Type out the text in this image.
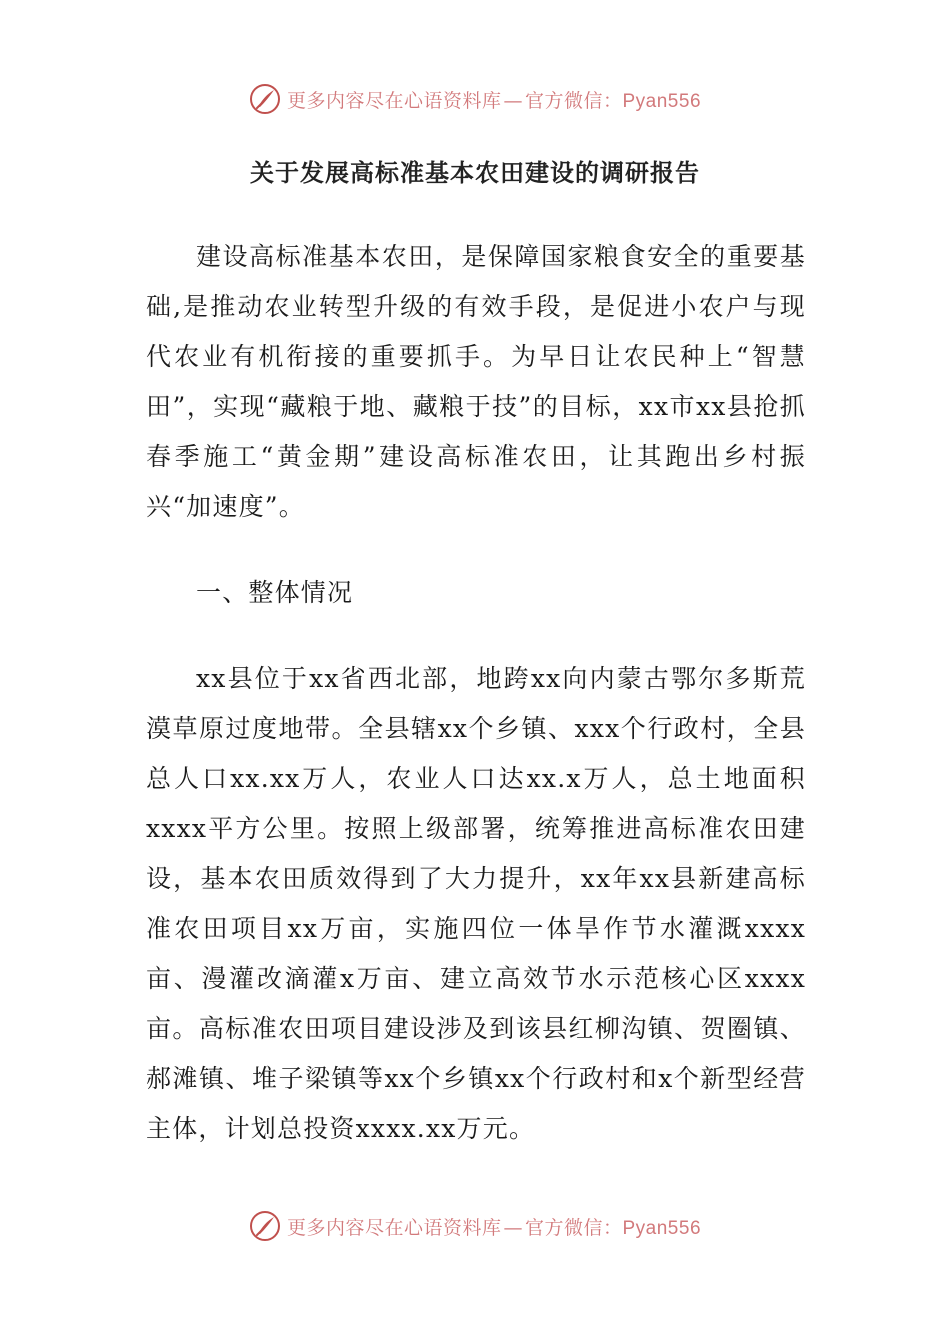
更多内容尽在心语资料库 — 官方微信：Pyan556
关于发展高标准基本农田建设的调研报告

建设高标准基本农田，是保障国家粮食安全的重要基础,是推动农业转型升级的有效手段，是促进小农户与现代农业有机衔接的重要抓手。为早日让农民种上“智慧田”，实现“藏粮于地、藏粮于技”的目标，xx市xx县抢抓春季施工“黄金期”建设高标准农田，让其跑出乡村振兴“加速度”。

一、整体情况

xx县位于xx省西北部，地跨xx向内蒙古鄂尔多斯荒漠草原过度地带。全县辖xx个乡镇、xxx个行政村，全县总人口xx.xx万人，农业人口达xx.x万人，总土地面积xxxx平方公里。按照上级部署，统筹推进高标准农田建设，基本农田质效得到了大力提升，xx年xx县新建高标准农田项目xx万亩，实施四位一体旱作节水灌溉xxxx亩、漫灌改滴灌x万亩、建立高效节水示范核心区xxxx亩。高标准农田项目建设涉及到该县红柳沟镇、贺圈镇、郝滩镇、堆子梁镇等xx个乡镇xx个行政村和x个新型经营主体，计划总投资xxxx.xx万元。

更多内容尽在心语资料库 — 官方微信：Pyan556
